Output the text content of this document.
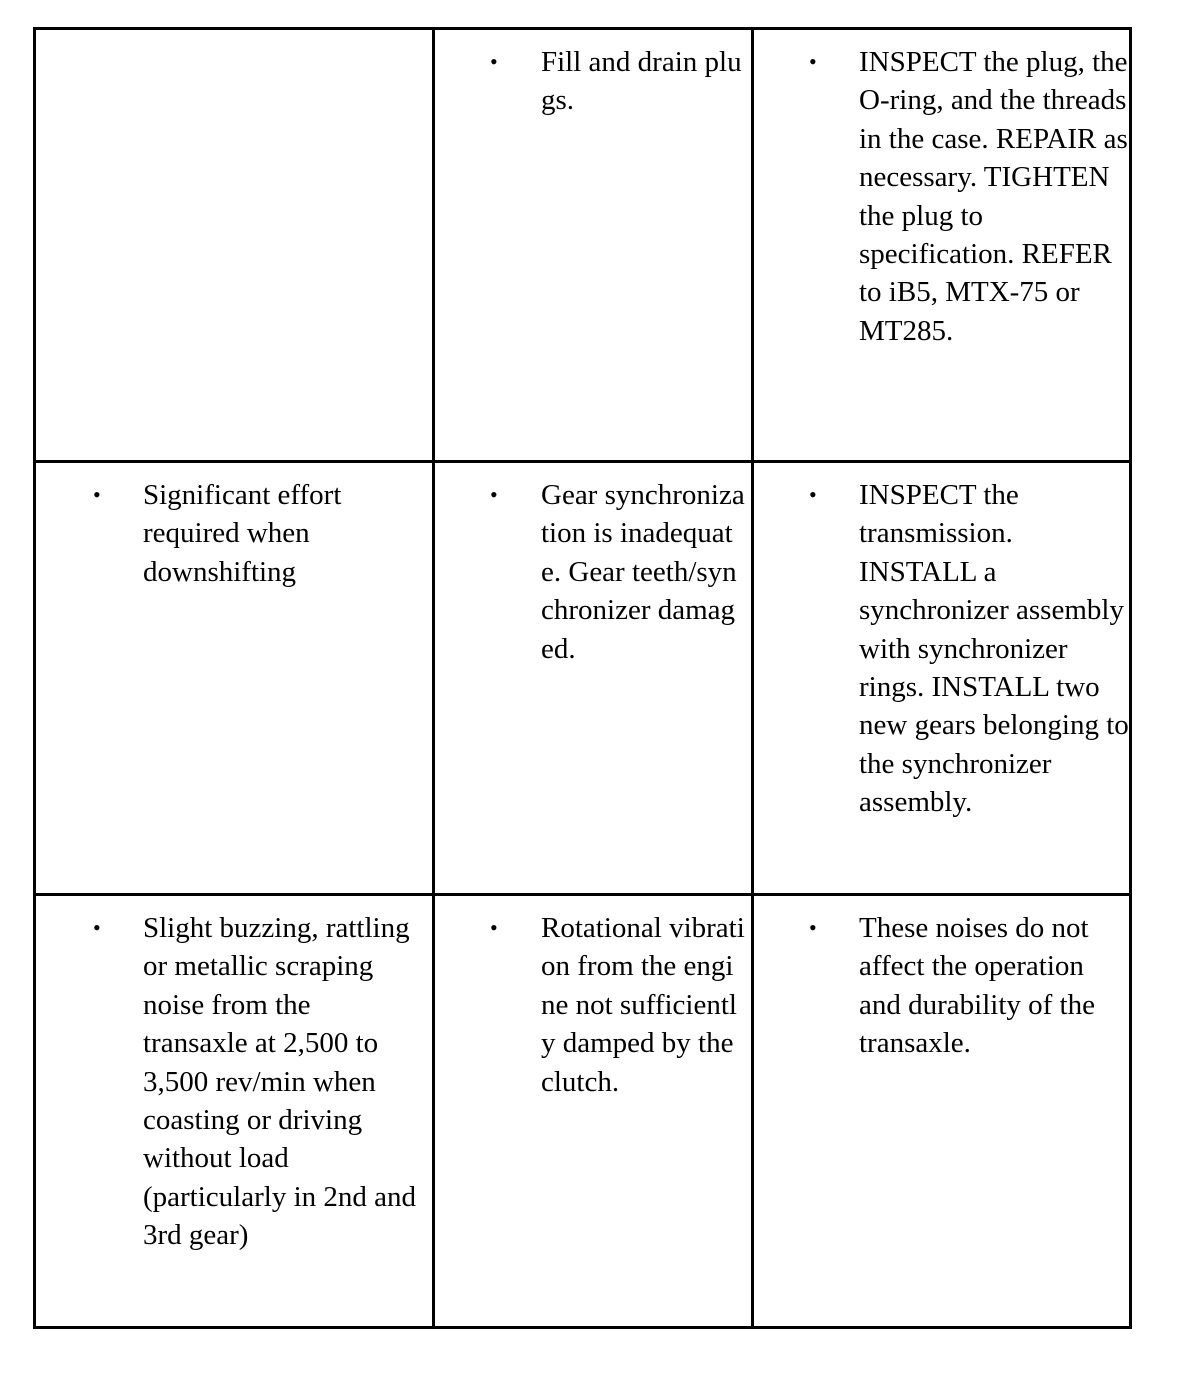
	• Fill and drain plugs.	• INSPECT the plug, the O-ring, and the threads in the case. REPAIR as necessary. TIGHTEN the plug to specification. REFER to iB5, MTX-75 or MT285.

• Significant effort required when downshifting	• Gear synchronization is inadequate. Gear teeth/synchronizer damaged.	• INSPECT the transmission. INSTALL a synchronizer assembly with synchronizer rings. INSTALL two new gears belonging to the synchronizer assembly.

• Slight buzzing, rattling or metallic scraping noise from the transaxle at 2,500 to 3,500 rev/min when coasting or driving without load (particularly in 2nd and 3rd gear)	• Rotational vibration from the engine not sufficiently damped by the clutch.	• These noises do not affect the operation and durability of the transaxle.
